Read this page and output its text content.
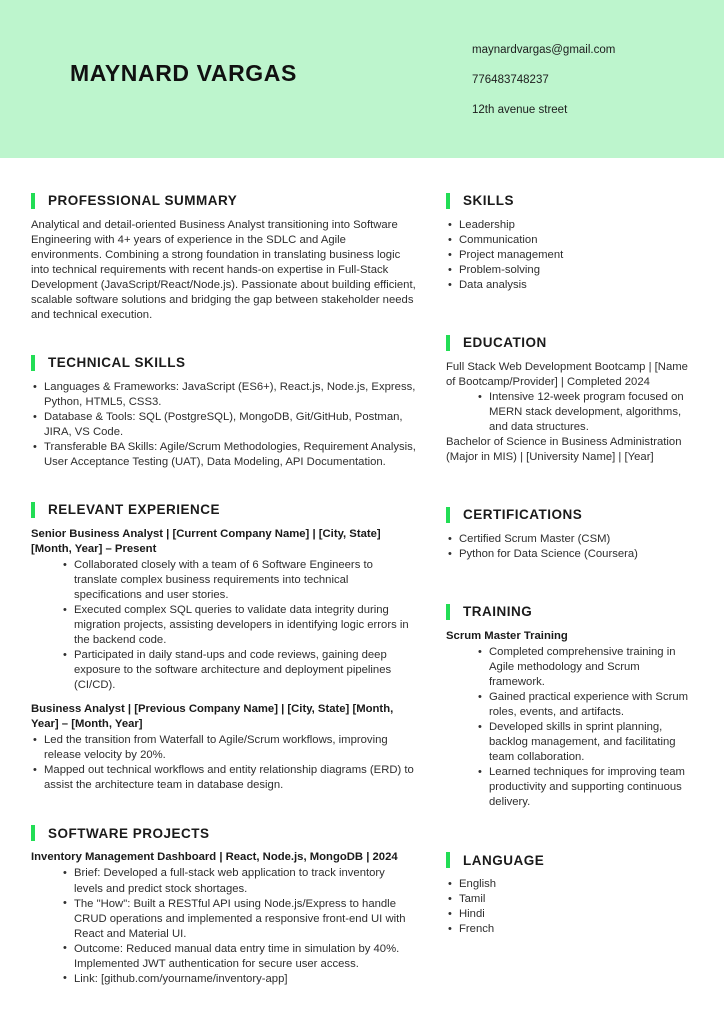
MAYNARD VARGAS
maynardvargas@gmail.com
776483748237
12th avenue street
PROFESSIONAL SUMMARY
Analytical and detail-oriented Business Analyst transitioning into Software Engineering with 4+ years of experience in the SDLC and Agile environments. Combining a strong foundation in translating business logic into technical requirements with recent hands-on expertise in Full-Stack Development (JavaScript/React/Node.js). Passionate about building efficient, scalable software solutions and bridging the gap between stakeholder needs and technical execution.
TECHNICAL SKILLS
• Languages & Frameworks: JavaScript (ES6+), React.js, Node.js, Express, Python, HTML5, CSS3.
• Database & Tools: SQL (PostgreSQL), MongoDB, Git/GitHub, Postman, JIRA, VS Code.
• Transferable BA Skills: Agile/Scrum Methodologies, Requirement Analysis, User Acceptance Testing (UAT), Data Modeling, API Documentation.
RELEVANT EXPERIENCE
Senior Business Analyst | [Current Company Name] | [City, State] [Month, Year] – Present
• Collaborated closely with a team of 6 Software Engineers to translate complex business requirements into technical specifications and user stories.
• Executed complex SQL queries to validate data integrity during migration projects, assisting developers in identifying logic errors in the backend code.
• Participated in daily stand-ups and code reviews, gaining deep exposure to the software architecture and deployment pipelines (CI/CD).
Business Analyst | [Previous Company Name] | [City, State] [Month, Year] – [Month, Year]
• Led the transition from Waterfall to Agile/Scrum workflows, improving release velocity by 20%.
• Mapped out technical workflows and entity relationship diagrams (ERD) to assist the architecture team in database design.
SOFTWARE PROJECTS
Inventory Management Dashboard | React, Node.js, MongoDB | 2024
• Brief: Developed a full-stack web application to track inventory levels and predict stock shortages.
• The "How": Built a RESTful API using Node.js/Express to handle CRUD operations and implemented a responsive front-end UI with React and Material UI.
• Outcome: Reduced manual data entry time in simulation by 40%. Implemented JWT authentication for secure user access.
• Link: [github.com/yourname/inventory-app]
SKILLS
• Leadership
• Communication
• Project management
• Problem-solving
• Data analysis
EDUCATION
Full Stack Web Development Bootcamp | [Name of Bootcamp/Provider] | Completed 2024
• Intensive 12-week program focused on MERN stack development, algorithms, and data structures.
Bachelor of Science in Business Administration (Major in MIS) | [University Name] | [Year]
CERTIFICATIONS
• Certified Scrum Master (CSM)
• Python for Data Science (Coursera)
TRAINING
Scrum Master Training
• Completed comprehensive training in Agile methodology and Scrum framework.
• Gained practical experience with Scrum roles, events, and artifacts.
• Developed skills in sprint planning, backlog management, and facilitating team collaboration.
• Learned techniques for improving team productivity and supporting continuous delivery.
LANGUAGE
• English
• Tamil
• Hindi
• French
